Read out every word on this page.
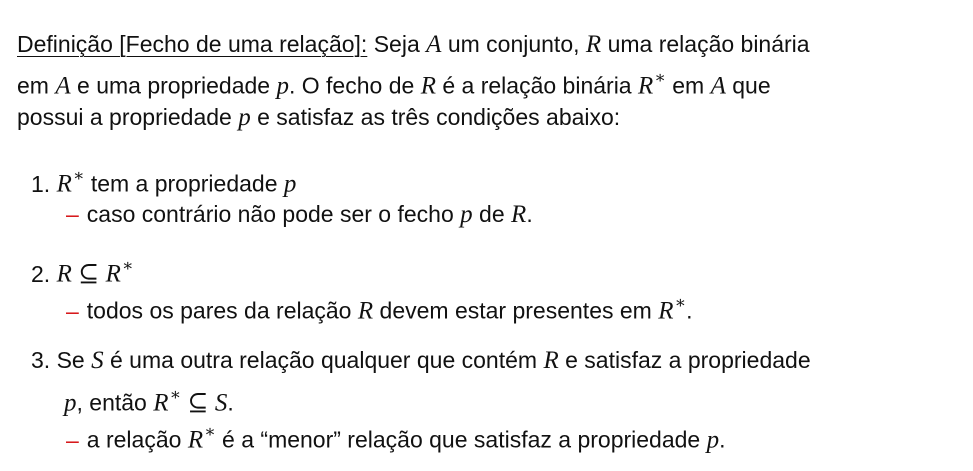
Definição [Fecho de uma relação]: Seja A um conjunto, R uma relação binária
em A e uma propriedade p. O fecho de R é a relação binária R∗ em A que
possui a propriedade p e satisfaz as três condições abaixo:
1. R∗ tem a propriedade p
– caso contrário não pode ser o fecho p de R.
2. R ⊆ R∗
– todos os pares da relação R devem estar presentes em R∗.
3. Se S é uma outra relação qualquer que contém R e satisfaz a propriedade
p, então R∗ ⊆ S.
– a relação R∗ é a “menor” relação que satisfaz a propriedade p.
